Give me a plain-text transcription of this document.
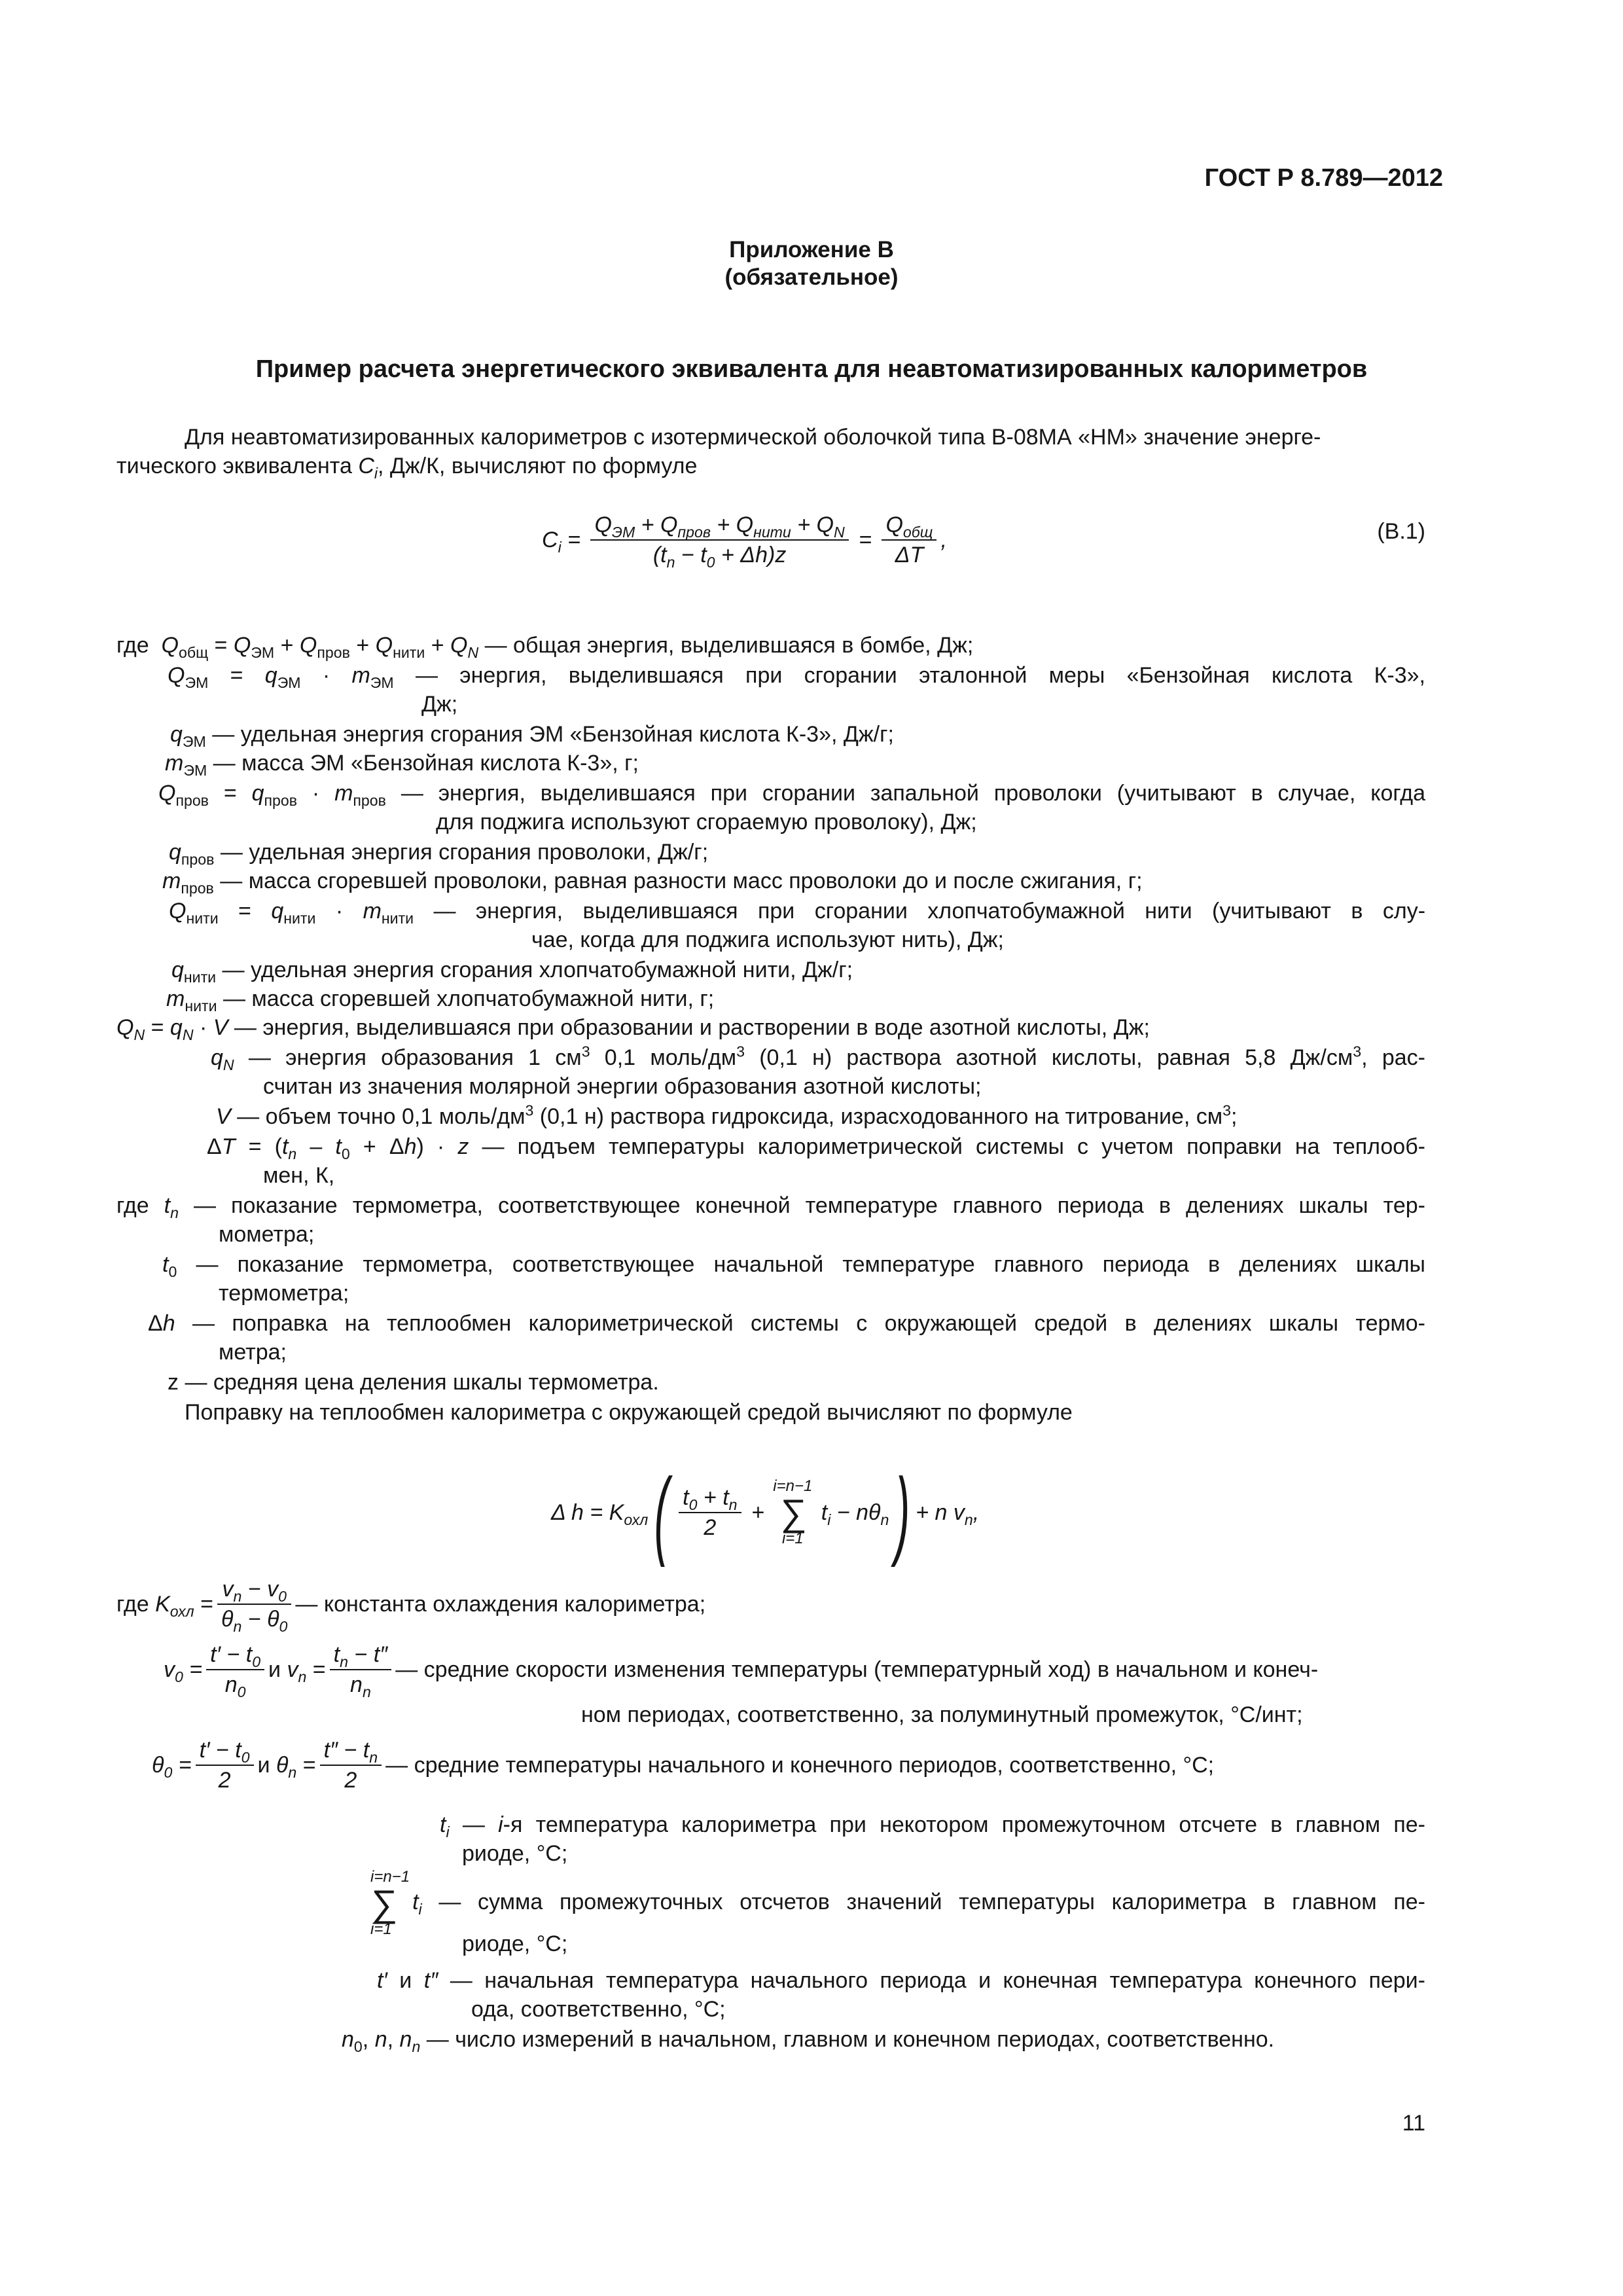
ГОСТ Р 8.789—2012
Приложение В
(обязательное)
Пример расчета энергетического эквивалента для неавтоматизированных калориметров
Для неавтоматизированных калориметров с изотермической оболочкой типа В-08МА «НМ» значение энерге-
тического эквивалента $C_i$, Дж/К, вычисляют по формуле
$C_i = \frac{Q_{ЭМ} + Q_{пров} + Q_{нити} + Q_N}{(t_n - t_0 + \Delta h)z} = \frac{Q_{общ}}{\Delta T}$ ,	(В.1)
где $Q_{общ} = Q_{ЭМ} + Q_{пров} + Q_{нити} + Q_N$ — общая энергия, выделившаяся в бомбе, Дж;
$Q_{ЭМ} = q_{ЭМ} \cdot m_{ЭМ}$ — энергия, выделившаяся при сгорании эталонной меры «Бензойная кислота К-3»,
Дж;
$q_{ЭМ}$ — удельная энергия сгорания ЭМ «Бензойная кислота К-3», Дж/г;
$m_{ЭМ}$ — масса ЭМ «Бензойная кислота К-3», г;
$Q_{пров} = q_{пров} \cdot m_{пров}$ — энергия, выделившаяся при сгорании запальной проволоки (учитывают в случае, когда
для поджига используют сгораемую проволоку), Дж;
$q_{пров}$ — удельная энергия сгорания проволоки, Дж/г;
$m_{пров}$ — масса сгоревшей проволоки, равная разности масс проволоки до и после сжигания, г;
$Q_{нити} = q_{нити} \cdot m_{нити}$ — энергия, выделившаяся при сгорании хлопчатобумажной нити (учитывают в слу-
чае, когда для поджига используют нить), Дж;
$q_{нити}$ — удельная энергия сгорания хлопчатобумажной нити, Дж/г;
$m_{нити}$ — масса сгоревшей хлопчатобумажной нити, г;
$Q_N = q_N \cdot V$ — энергия, выделившаяся при образовании и растворении в воде азотной кислоты, Дж;
$q_N$ — энергия образования 1 $см^3$ 0,1 моль/$дм^3$ (0,1 н) раствора азотной кислоты, равная 5,8 $Дж/см^3$, рас-
считан из значения молярной энергии образования азотной кислоты;
V — объем точно 0,1 моль/$дм^3$ (0,1 н) раствора гидроксида, израсходованного на титрование, $см^3$;
$\Delta T = (t_n - t_0 + \Delta h) \cdot z$ — подъем температуры калориметрической системы с учетом поправки на теплооб-
мен, К,
где $t_n$ — показание термометра, соответствующее конечной температуре главного периода в делениях шкалы тер-
мометра;
$t_0$ — показание термометра, соответствующее начальной температуре главного периода в делениях шкалы
термометра;
Δh — поправка на теплообмен калориметрической системы с окружающей средой в делениях шкалы термо-
метра;
z — средняя цена деления шкалы термометра.
Поправку на теплообмен калориметра с окружающей средой вычисляют по формуле
Δ $h = K_{охл}$ ( $\frac{t_0 + t_n}{2} + i=n-1$
∑
i=1 $t_i - n\theta_n$ ) + n $v_n$,
где $K_{охл} = \frac{v_n - v_0}{\theta_n - \theta_0}$ — константа охлаждения калориметра;
$v_0 = \frac{t' - t_0}{n_0}$ и $v_n = \frac{t_n - t''}{n_n}$ — средние скорости изменения температуры (температурный ход) в начальном и конеч-
ном периодах, соответственно, за полуминутный промежуток, °С/инт;
$\theta_0 = \frac{t' - t_0}{2}$ и $\theta_n = \frac{t'' - t_n}{2}$ — средние температуры начального и конечного периодов, соответственно, °С;
$t_i$ — i-я температура калориметра при некотором промежуточном отсчете в главном пе-
риоде, °С;
i=n−1
∑
$i=1t_i$ — сумма промежуточных отсчетов значений температуры калориметра в главном пе-
риоде, °С;
t′ и t″ — начальная температура начального периода и конечная температура конечного пери-
ода, соответственно, °С;
$n_0$, n, $n_n$ — число измерений в начальном, главном и конечном периодах, соответственно.
11
